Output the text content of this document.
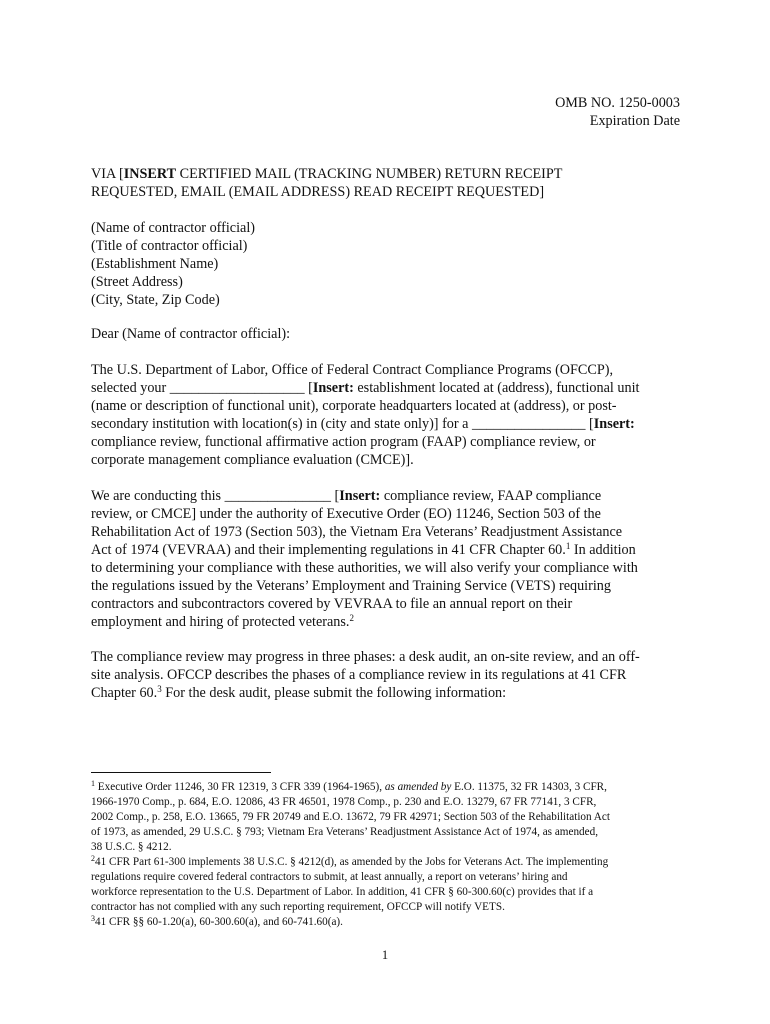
OMB NO. 1250-0003
Expiration Date
VIA [INSERT CERTIFIED MAIL (TRACKING NUMBER) RETURN RECEIPT
REQUESTED, EMAIL (EMAIL ADDRESS) READ RECEIPT REQUESTED]
(Name of contractor official)
(Title of contractor official)
(Establishment Name)
(Street Address)
(City, State, Zip Code)
Dear (Name of contractor official):
The U.S. Department of Labor, Office of Federal Contract Compliance Programs (OFCCP),
selected your ___________________ [Insert: establishment located at (address), functional unit
(name or description of functional unit), corporate headquarters located at (address), or post-
secondary institution with location(s) in (city and state only)] for a ________________ [Insert:
compliance review, functional affirmative action program (FAAP) compliance review, or
corporate management compliance evaluation (CMCE)].
We are conducting this _______________ [Insert: compliance review, FAAP compliance
review, or CMCE] under the authority of Executive Order (EO) 11246, Section 503 of the
Rehabilitation Act of 1973 (Section 503), the Vietnam Era Veterans’ Readjustment Assistance
Act of 1974 (VEVRAA) and their implementing regulations in 41 CFR Chapter 60.$^1$ In addition
to determining your compliance with these authorities, we will also verify your compliance with
the regulations issued by the Veterans’ Employment and Training Service (VETS) requiring
contractors and subcontractors covered by VEVRAA to file an annual report on their
employment and hiring of protected veterans.$^2$
The compliance review may progress in three phases: a desk audit, an on-site review, and an off-
site analysis. OFCCP describes the phases of a compliance review in its regulations at 41 CFR
Chapter 60.$^3$ For the desk audit, please submit the following information:
$^1$ Executive Order 11246, 30 FR 12319, 3 CFR 339 (1964-1965), as amended by E.O. 11375, 32 FR 14303, 3 CFR,
1966-1970 Comp., p. 684, E.O. 12086, 43 FR 46501, 1978 Comp., p. 230 and E.O. 13279, 67 FR 77141, 3 CFR,
2002 Comp., p. 258, E.O. 13665, 79 FR 20749 and E.O. 13672, 79 FR 42971; Section 503 of the Rehabilitation Act
of 1973, as amended, 29 U.S.C. § 793; Vietnam Era Veterans’ Readjustment Assistance Act of 1974, as amended,
38 U.S.C. § 4212.
$^2$41 CFR Part 61-300 implements 38 U.S.C. § 4212(d), as amended by the Jobs for Veterans Act. The implementing
regulations require covered federal contractors to submit, at least annually, a report on veterans’ hiring and
workforce representation to the U.S. Department of Labor. In addition, 41 CFR § 60-300.60(c) provides that if a
contractor has not complied with any such reporting requirement, OFCCP will notify VETS.
$^3$41 CFR §§ 60-1.20(a), 60-300.60(a), and 60-741.60(a).
1
